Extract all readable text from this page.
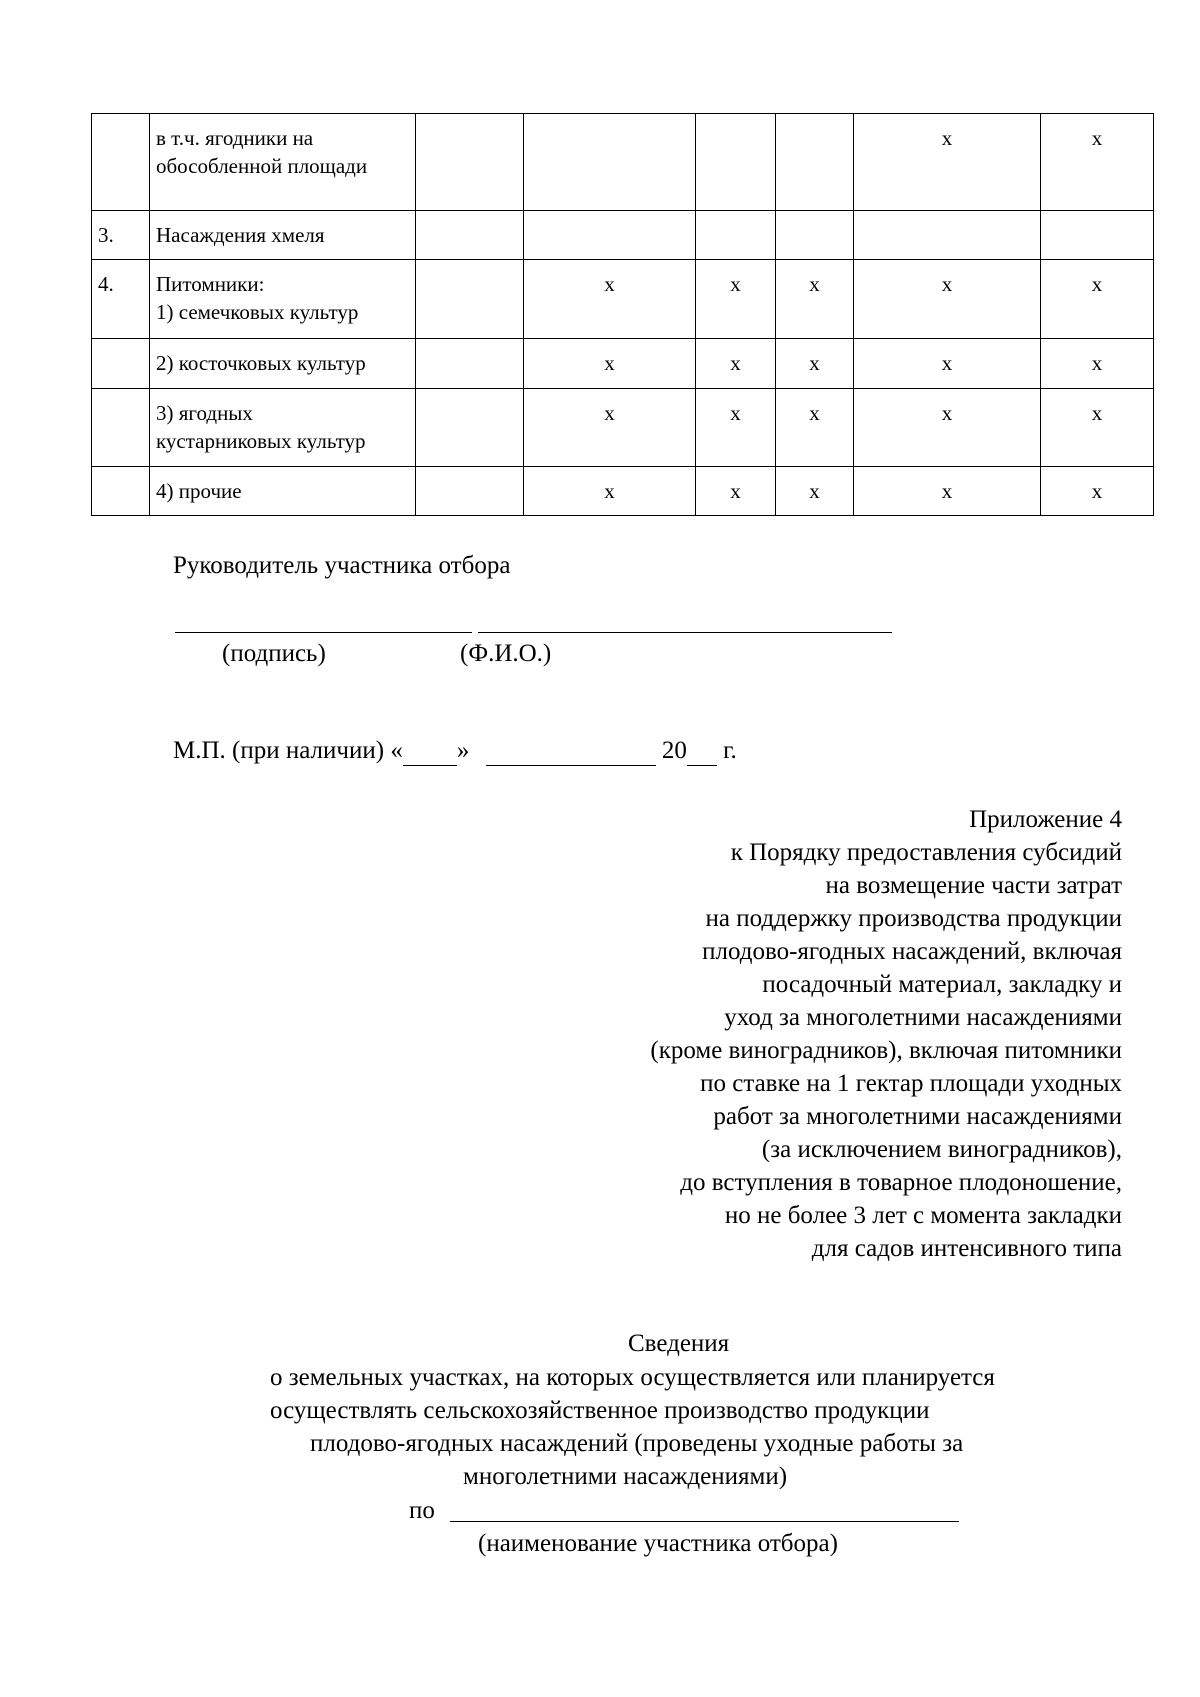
	в т.ч. ягодники на
обособленной площади					х	х
3.	Насаждения хмеля						

4.	Питомники:
1) семечковых культур		х	х	х	х	х

	2) косточковых культур		х	х	х	х	х

	3) ягодных
кустарниковых культур		х	х	х	х	х

	4) прочие		х	х	х	х	х
Руководитель участника отбора
(подпись)	(Ф.И.О.)
М.П. (при наличии) « »	20 г.
Приложение 4
к Порядку предоставления субсидий
на возмещение части затрат
на поддержку производства продукции
плодово-ягодных насаждений, включая
посадочный материал, закладку и
уход за многолетними насаждениями
(кроме виноградников), включая питомники
по ставке на 1 гектар площади уходных
работ за многолетними насаждениями
(за исключением виноградников),
до вступления в товарное плодоношение,
но не более 3 лет с момента закладки
для садов интенсивного типа
Сведения
о земельных участках, на которых осуществляется или планируется
осуществлять сельскохозяйственное производство продукции
плодово-ягодных насаждений (проведены уходные работы за
многолетними насаждениями)
по
(наименование участника отбора)
